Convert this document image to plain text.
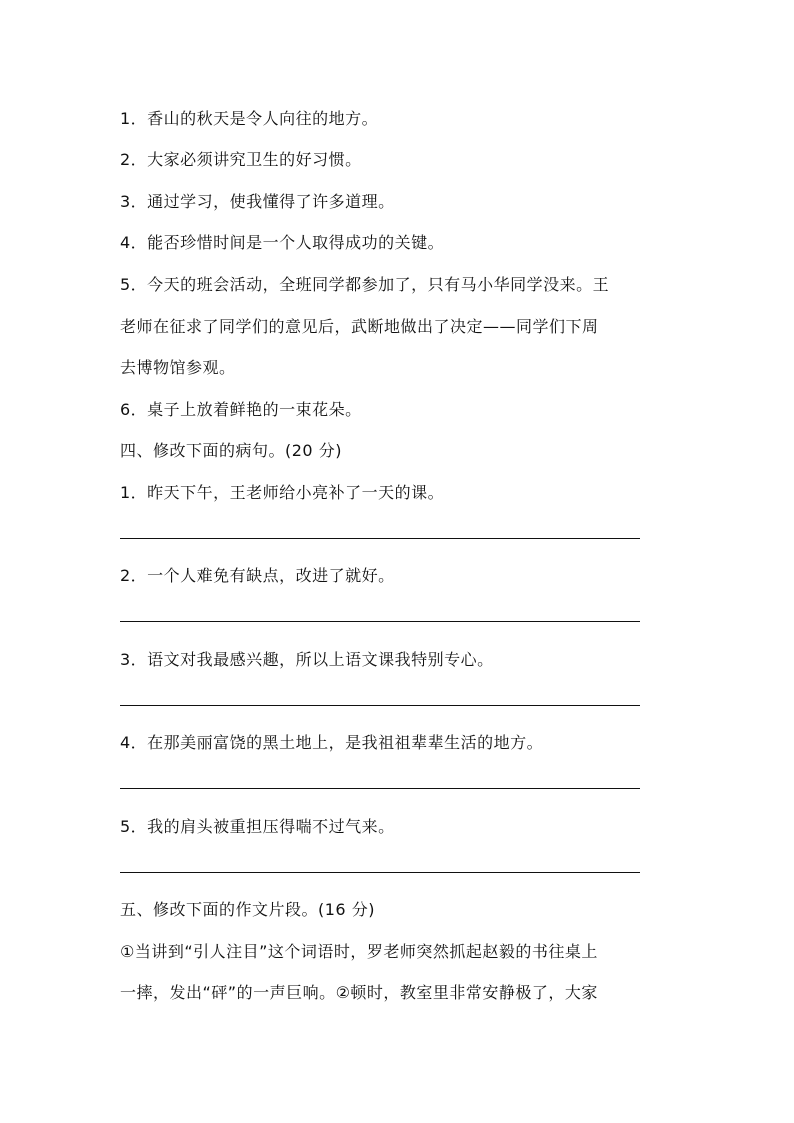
1．香山的秋天是令人向往的地方。
2．大家必须讲究卫生的好习惯。
3．通过学习，使我懂得了许多道理。
4．能否珍惜时间是一个人取得成功的关键。
5．今天的班会活动，全班同学都参加了，只有马小华同学没来。王
老师在征求了同学们的意见后，武断地做出了决定——同学们下周
去博物馆参观。
6．桌子上放着鲜艳的一束花朵。
四、修改下面的病句。(20 分)
1．昨天下午，王老师给小亮补了一天的课。
2．一个人难免有缺点，改进了就好。
3．语文对我最感兴趣，所以上语文课我特别专心。
4．在那美丽富饶的黑土地上，是我祖祖辈辈生活的地方。
5．我的肩头被重担压得喘不过气来。
五、修改下面的作文片段。(16 分)
①当讲到“引人注目”这个词语时，罗老师突然抓起赵毅的书往桌上
一摔，发出“砰”的一声巨响。②顿时，教室里非常安静极了，大家
